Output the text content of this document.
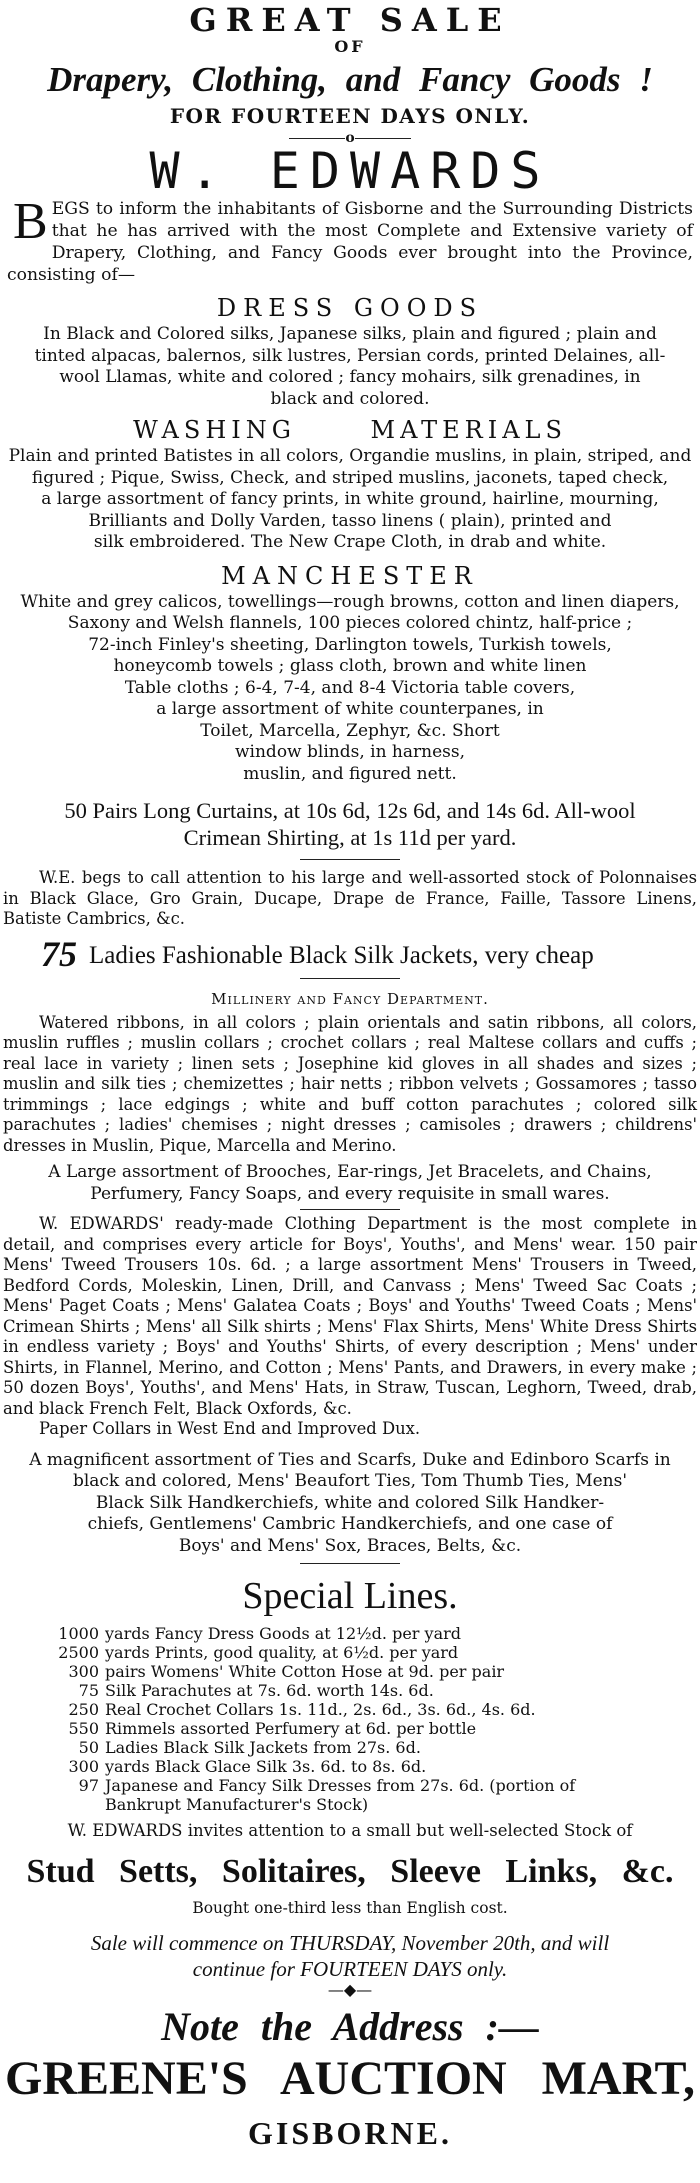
GREAT SALE
OF
Drapery, Clothing, and Fancy Goods !
FOR FOURTEEN DAYS ONLY.
o
W. EDWARDS
BEGS to inform the inhabitants of Gisborne and the Surrounding Districts that he has arrived with the most Complete and Extensive variety of Drapery, Clothing, and Fancy Goods ever brought into the Province, consisting of—
DRESS GOODS
In Black and Colored silks, Japanese silks, plain and figured ; plain and
tinted alpacas, balernos, silk lustres, Persian cords, printed Delaines, all-
wool Llamas, white and colored ; fancy mohairs, silk grenadines, in
black and colored.
WASHING MATERIALS
Plain and printed Batistes in all colors, Organdie muslins, in plain, striped, and
figured ; Pique, Swiss, Check, and striped muslins, jaconets, taped check,
a large assortment of fancy prints, in white ground, hairline, mourning,
Brilliants and Dolly Varden, tasso linens ( plain), printed and
silk embroidered. The New Crape Cloth, in drab and white.
MANCHESTER
White and grey calicos, towellings—rough browns, cotton and linen diapers,
Saxony and Welsh flannels, 100 pieces colored chintz, half-price ;
72-inch Finley's sheeting, Darlington towels, Turkish towels,
honeycomb towels ; glass cloth, brown and white linen
Table cloths ; 6-4, 7-4, and 8-4 Victoria table covers,
a large assortment of white counterpanes, in
Toilet, Marcella, Zephyr, &c. Short
window blinds, in harness,
muslin, and figured nett.
50 Pairs Long Curtains, at 10s 6d, 12s 6d, and 14s 6d. All-wool
Crimean Shirting, at 1s 11d per yard.
W.E. begs to call attention to his large and well-assorted stock of Polonnaises in Black Glace, Gro Grain, Ducape, Drape de France, Faille, Tassore Linens, Batiste Cambrics, &c.
75 Ladies Fashionable Black Silk Jackets, very cheap
Millinery and Fancy Department.
Watered ribbons, in all colors ; plain orientals and satin ribbons, all colors, muslin ruffles ; muslin collars ; crochet collars ; real Maltese collars and cuffs ; real lace in variety ; linen sets ; Josephine kid gloves in all shades and sizes ; muslin and silk ties ; chemizettes ; hair netts ; ribbon velvets ; Gossamores ; tasso trimmings ; lace edgings ; white and buff cotton parachutes ; colored silk parachutes ; ladies' chemises ; night dresses ; camisoles ; drawers ; childrens' dresses in Muslin, Pique, Marcella and Merino.
A Large assortment of Brooches, Ear-rings, Jet Bracelets, and Chains,
Perfumery, Fancy Soaps, and every requisite in small wares.
W. EDWARDS' ready-made Clothing Department is the most complete in detail, and comprises every article for Boys', Youths', and Mens' wear. 150 pair Mens' Tweed Trousers 10s. 6d. ; a large assortment Mens' Trousers in Tweed, Bedford Cords, Moleskin, Linen, Drill, and Canvass ; Mens' Tweed Sac Coats ; Mens' Paget Coats ; Mens' Galatea Coats ; Boys' and Youths' Tweed Coats ; Mens' Crimean Shirts ; Mens' all Silk shirts ; Mens' Flax Shirts, Mens' White Dress Shirts in endless variety ; Boys' and Youths' Shirts, of every description ; Mens' under Shirts, in Flannel, Merino, and Cotton ; Mens' Pants, and Drawers, in every make ; 50 dozen Boys', Youths', and Mens' Hats, in Straw, Tuscan, Leghorn, Tweed, drab, and black French Felt, Black Oxfords, &c.
Paper Collars in West End and Improved Dux.
A magnificent assortment of Ties and Scarfs, Duke and Edinboro Scarfs in
black and colored, Mens' Beaufort Ties, Tom Thumb Ties, Mens'
Black Silk Handkerchiefs, white and colored Silk Handker-
chiefs, Gentlemens' Cambric Handkerchiefs, and one case of
Boys' and Mens' Sox, Braces, Belts, &c.
Special Lines.
1000	yards Fancy Dress Goods at 12½d. per yard
2500	yards Prints, good quality, at 6½d. per yard
300	pairs Womens' White Cotton Hose at 9d. per pair
75	Silk Parachutes at 7s. 6d. worth 14s. 6d.
250	Real Crochet Collars 1s. 11d., 2s. 6d., 3s. 6d., 4s. 6d.
550	Rimmels assorted Perfumery at 6d. per bottle
50	Ladies Black Silk Jackets from 27s. 6d.
300	yards Black Glace Silk 3s. 6d. to 8s. 6d.
97	Japanese and Fancy Silk Dresses from 27s. 6d. (portion of Bankrupt Manufacturer's Stock)
W. EDWARDS invites attention to a small but well-selected Stock of
Stud Setts, Solitaires, Sleeve Links, &c.
Bought one-third less than English cost.
Sale will commence on THURSDAY, November 20th, and will
continue for FOURTEEN DAYS only.
—◆—
Note the Address :—
GREENE'S AUCTION MART,
GISBORNE.
